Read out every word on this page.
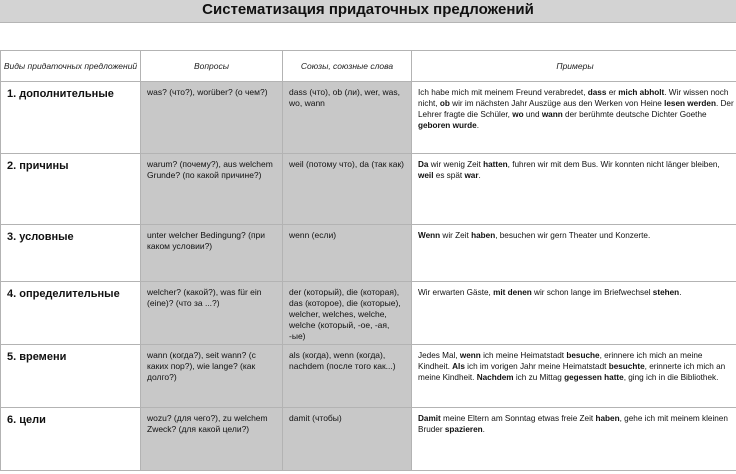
Систематизация придаточных предложений
Виды придаточных предложений	Вопросы	Союзы, союзные слова	Примеры

1. дополнительные	was? (что?), worüber? (о чем?)	dass (что), ob (ли), wer, was, wo, wann	Ich habe mich mit meinem Freund verabredet, dass er mich abholt. Wir wissen noch nicht, ob wir im nächsten Jahr Auszüge aus den Werken von Heine lesen werden. Der Lehrer fragte die Schüler, wo und wann der berühmte deutsche Dichter Goethe geboren wurde.

2. причины	warum? (почему?), aus welchem Grunde? (по какой причине?)	weil (потому что), da (так как)	Da wir wenig Zeit hatten, fuhren wir mit dem Bus. Wir konnten nicht länger bleiben, weil es spät war.

3. условные	unter welcher Bedingung? (при каком условии?)	wenn (если)	Wenn wir Zeit haben, besuchen wir gern Theater und Konzerte.

4. определительные	welcher? (какой?), was für ein (eine)? (что за ...?)	der (который), die (которая), das (которое), die (которые), welcher, welches, welche, welche (который, -ое, -ая, -ые)	Wir erwarten Gäste, mit denen wir schon lange im Briefwechsel stehen.

5. времени	wann (когда?), seit wann? (с каких пор?), wie lange? (как долго?)	als (когда), wenn (когда), nachdem (после того как...)	Jedes Mal, wenn ich meine Heimatstadt besuche, erinnere ich mich an meine Kindheit. Als ich im vorigen Jahr meine Heimatstadt besuchte, erinnerte ich mich an meine Kindheit. Nachdem ich zu Mittag gegessen hatte, ging ich in die Bibliothek.

6. цели	wozu? (для чего?), zu welchem Zweck? (для какой цели?)	damit (чтобы)	Damit meine Eltern am Sonntag etwas freie Zeit haben, gehe ich mit meinem kleinen Bruder spazieren.
